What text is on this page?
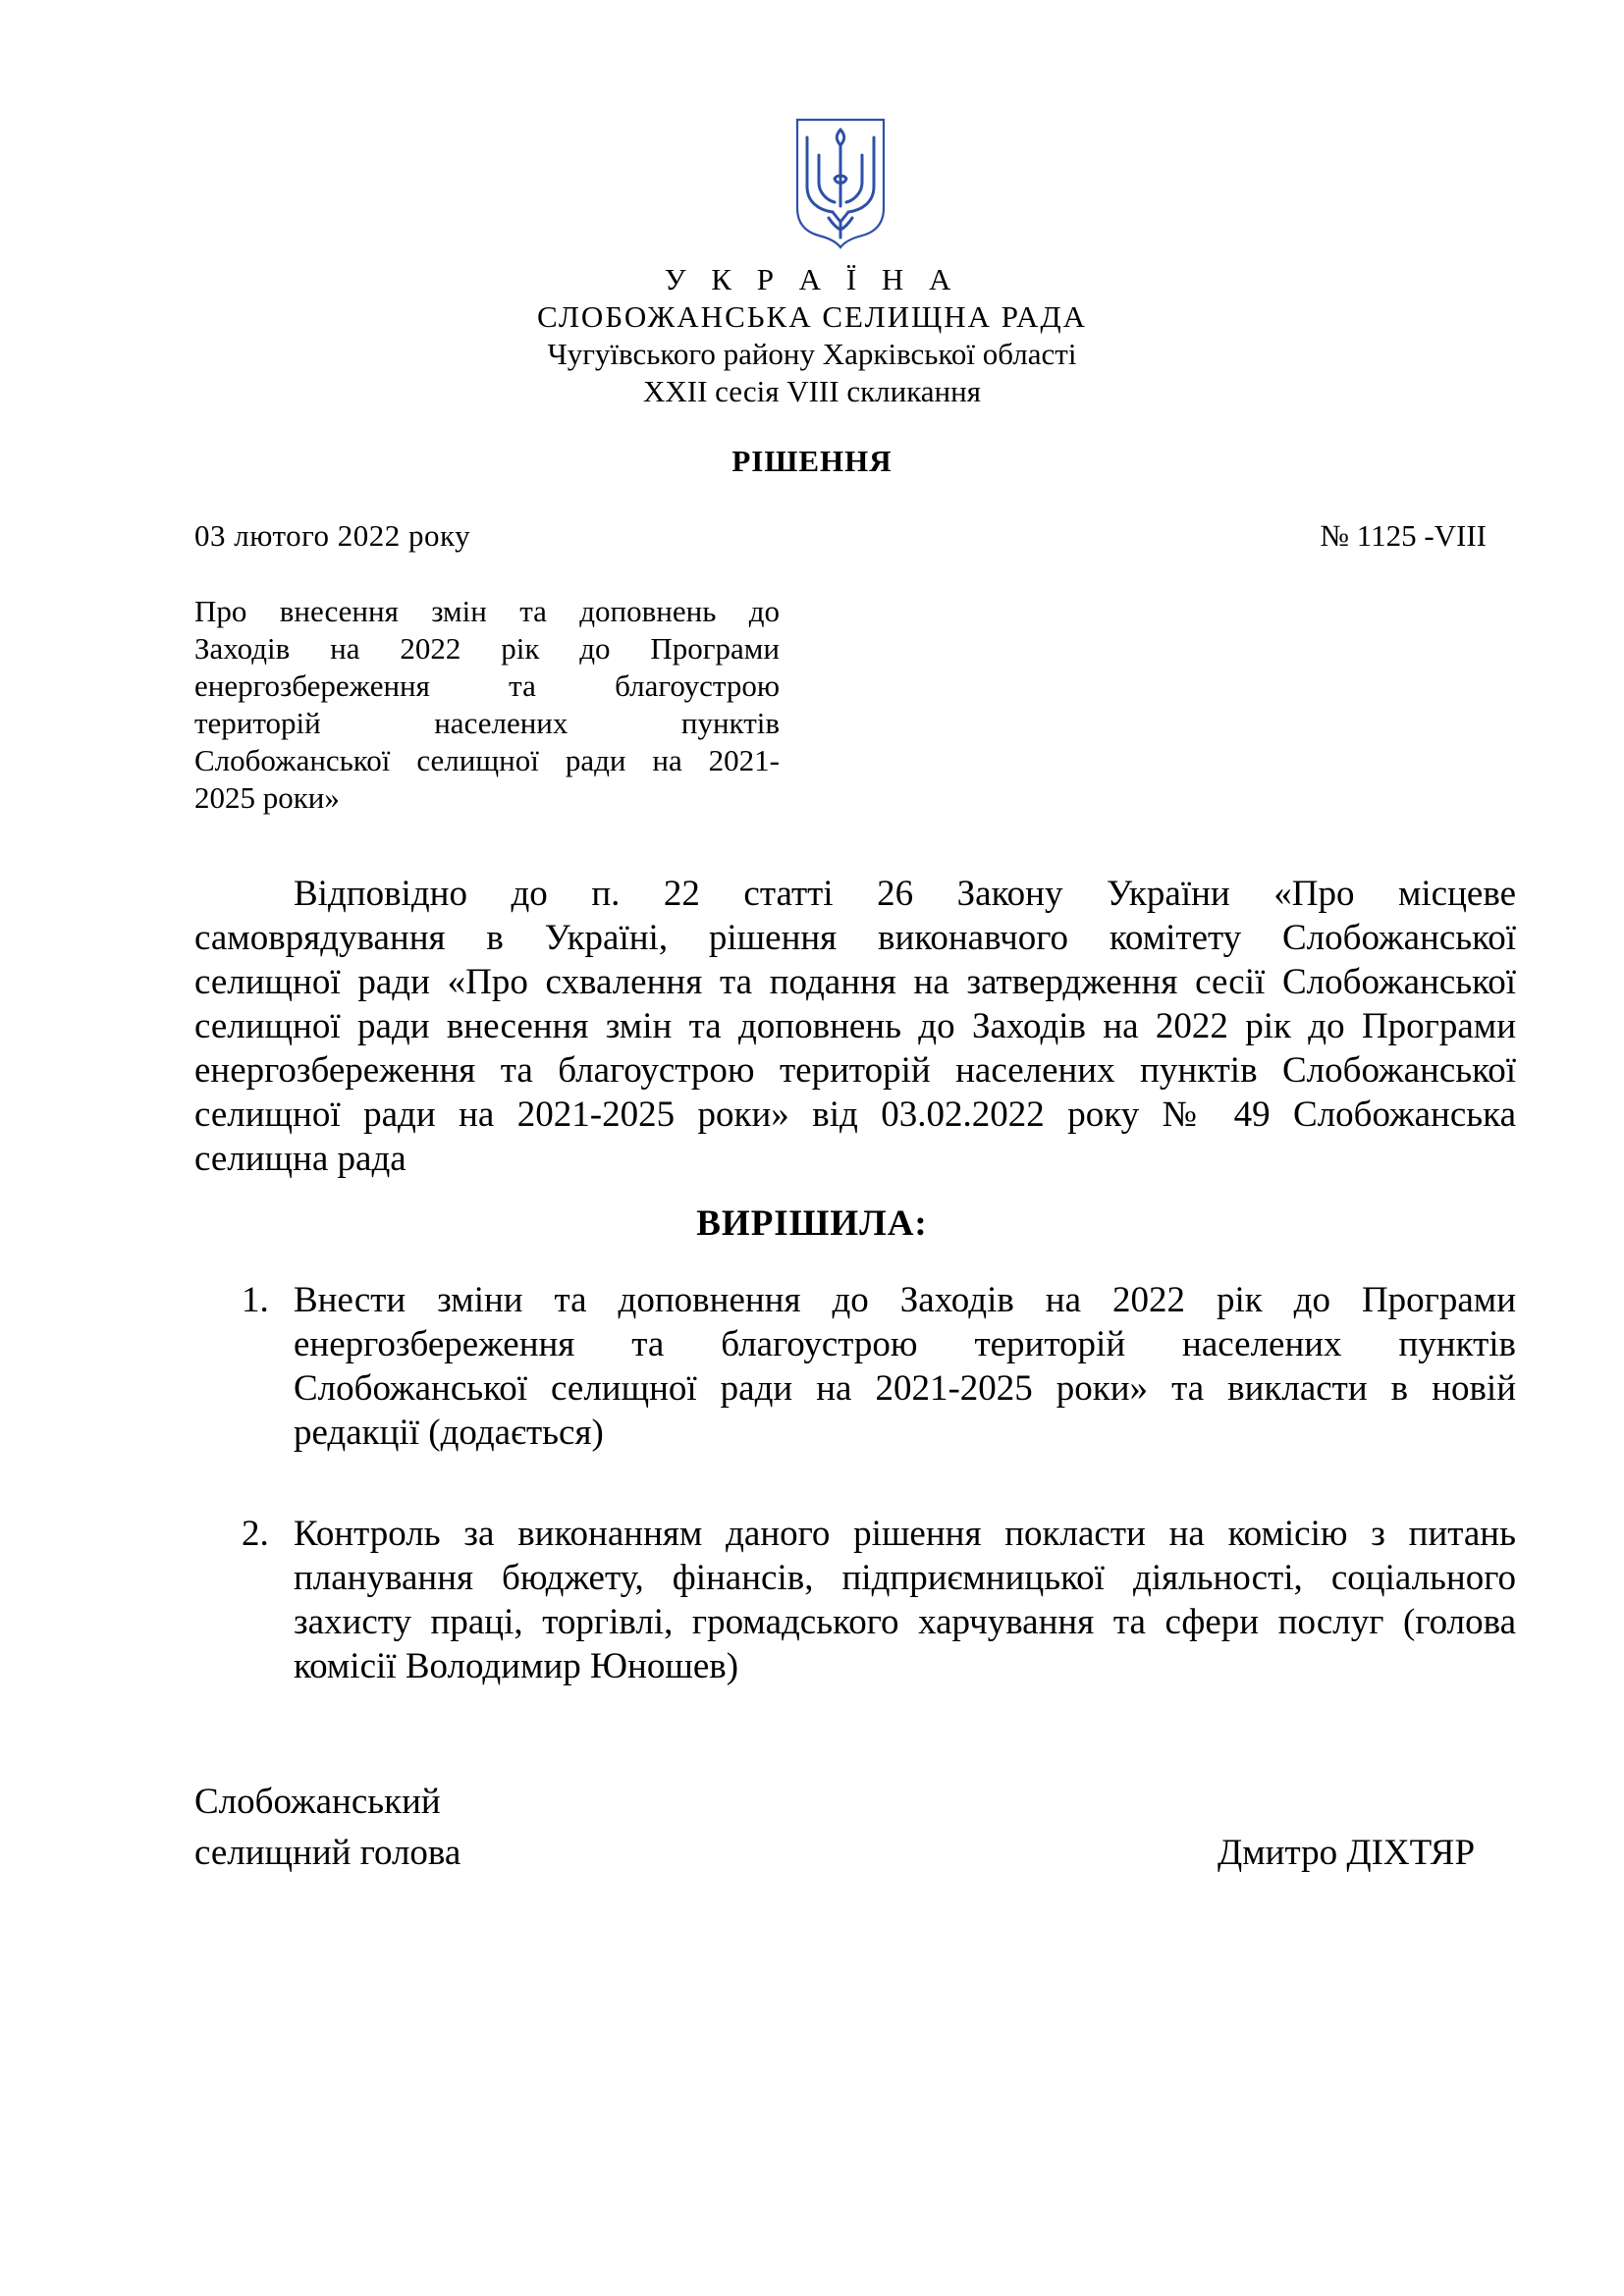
У К Р А Ї Н А
СЛОБОЖАНСЬКА СЕЛИЩНА РАДА
Чугуївського району Харківської області
XXII сесія VIII скликання
РІШЕННЯ
03 лютого 2022 року	№ 1125 -VIII
Про внесення змін та доповнень до
Заходів на 2022 рік до Програми
енергозбереження та благоустрою
територій населених пунктів
Слобожанської селищної ради на 2021-
2025 роки»
Відповідно до п. 22 статті 26 Закону України «Про місцеве
самоврядування в Україні, рішення виконавчого комітету Слобожанської
селищної ради «Про схвалення та подання на затвердження сесії Слобожанської
селищної ради внесення змін та доповнень до Заходів на 2022 рік до Програми
енергозбереження та благоустрою територій населених пунктів Слобожанської
селищної ради на 2021-2025 роки» від 03.02.2022 року № 49 Слобожанська
селищна рада
ВИРІШИЛА:
1. Внести зміни та доповнення до Заходів на 2022 рік до Програми
енергозбереження та благоустрою територій населених пунктів
Слобожанської селищної ради на 2021-2025 роки» та викласти в новій
редакції (додається)
2. Контроль за виконанням даного рішення покласти на комісію з питань
планування бюджету, фінансів, підприємницької діяльності, соціального
захисту праці, торгівлі, громадського харчування та сфери послуг (голова
комісії Володимир Юношев)
Слобожанський
селищний голова	Дмитро ДІХТЯР
